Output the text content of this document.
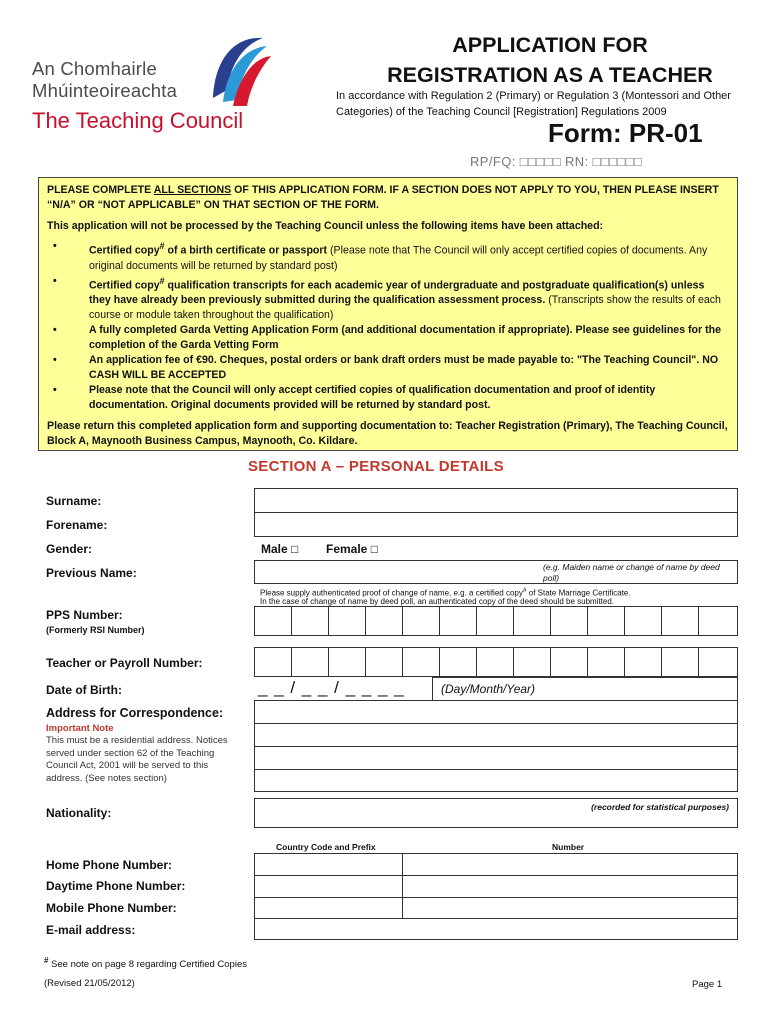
An Chomhairle
Mhúinteoireachta
The Teaching Council
APPLICATION FOR
REGISTRATION AS A TEACHER
In accordance with Regulation 2 (Primary) or Regulation 3 (Montessori and Other Categories) of the Teaching Council [Registration] Regulations 2009
Form: PR-01
RP/FQ: □□□□□ RN: □□□□□□

PLEASE COMPLETE ALL SECTIONS OF THIS APPLICATION FORM. IF A SECTION DOES NOT APPLY TO YOU, THEN PLEASE INSERT “N/A” OR “NOT APPLICABLE” ON THAT SECTION OF THE FORM.

This application will not be processed by the Teaching Council unless the following items have been attached:

•	Certified copy# of a birth certificate or passport (Please note that The Council will only accept certified copies of documents. Any original documents will be returned by standard post)
•	Certified copy# qualification transcripts for each academic year of undergraduate and postgraduate qualification(s) unless they have already been previously submitted during the qualification assessment process. (Transcripts show the results of each course or module taken throughout the qualification)
•	A fully completed Garda Vetting Application Form (and additional documentation if appropriate). Please see guidelines for the completion of the Garda Vetting Form
•	An application fee of €90. Cheques, postal orders or bank draft orders must be made payable to: "The Teaching Council". NO CASH WILL BE ACCEPTED
•	Please note that the Council will only accept certified copies of qualification documentation and proof of identity documentation. Original documents provided will be returned by standard post.

Please return this completed application form and supporting documentation to: Teacher Registration (Primary), The Teaching Council, Block A, Maynooth Business Campus, Maynooth, Co. Kildare.

SECTION A – PERSONAL DETAILS
Surname:
Forename:
Gender:	Male □ Female □
Previous Name:	(e.g. Maiden name or change of name by deed poll)
Please supply authenticated proof of change of name, e.g. a certified copy# of State Marriage Certificate.
In the case of change of name by deed poll, an authenticated copy of the deed should be submitted.
PPS Number:
(Formerly RSI Number)
Teacher or Payroll Number:
Date of Birth:	_ _ / _ _ / _ _ _ _	(Day/Month/Year)
Address for Correspondence:
Important Note
This must be a residential address. Notices served under section 62 of the Teaching Council Act, 2001 will be served to this address. (See notes section)
Nationality:	(recorded for statistical purposes)
Country Code and Prefix	Number
Home Phone Number:
Daytime Phone Number:
Mobile Phone Number:
E-mail address:
# See note on page 8 regarding Certified Copies
(Revised 21/05/2012)	Page 1
